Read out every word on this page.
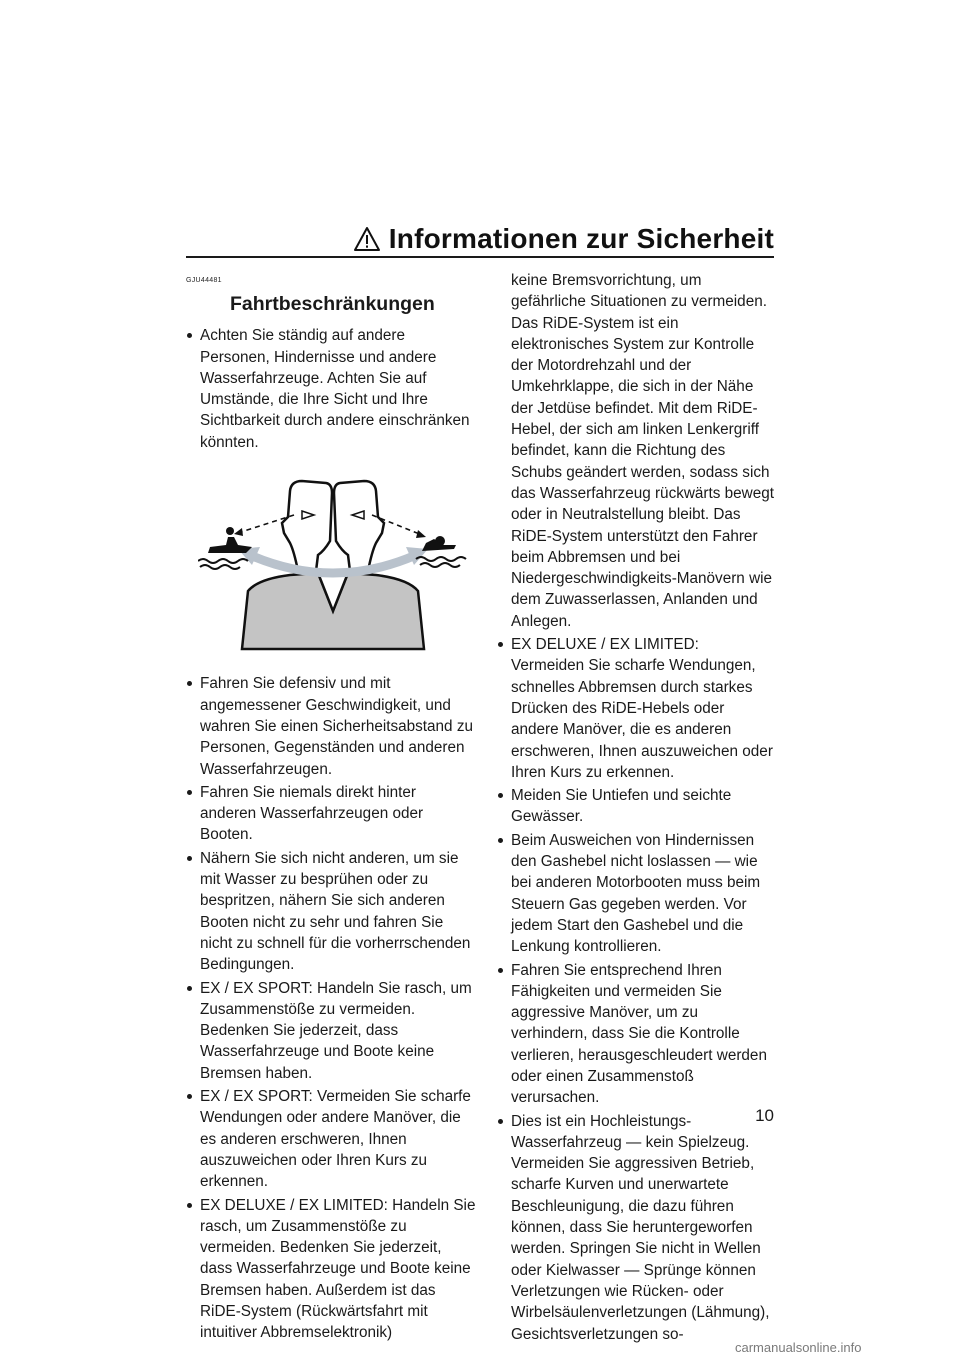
Informationen zur Sicherheit
GJU44481
Fahrtbeschränkungen
Achten Sie ständig auf andere Personen, Hindernisse und andere Wasserfahrzeuge. Achten Sie auf Umstände, die Ihre Sicht und Ihre Sichtbarkeit durch andere einschränken könnten.
Fahren Sie defensiv und mit angemessener Geschwindigkeit, und wahren Sie einen Sicherheitsabstand zu Personen, Gegenständen und anderen Wasserfahrzeugen.
Fahren Sie niemals direkt hinter anderen Wasserfahrzeugen oder Booten.
Nähern Sie sich nicht anderen, um sie mit Wasser zu besprühen oder zu bespritzen, nähern Sie sich anderen Booten nicht zu sehr und fahren Sie nicht zu schnell für die vorherrschenden Bedingungen.
EX / EX SPORT: Handeln Sie rasch, um Zusammenstöße zu vermeiden. Bedenken Sie jederzeit, dass Wasserfahrzeuge und Boote keine Bremsen haben.
EX / EX SPORT: Vermeiden Sie scharfe Wendungen oder andere Manöver, die es anderen erschweren, Ihnen auszuweichen oder Ihren Kurs zu erkennen.
EX DELUXE / EX LIMITED: Handeln Sie rasch, um Zusammenstöße zu vermeiden. Bedenken Sie jederzeit, dass Wasserfahrzeuge und Boote keine Bremsen haben. Außerdem ist das RiDE-System (Rückwärtsfahrt mit intuitiver Abbremselektronik)
keine Bremsvorrichtung, um gefährliche Situationen zu vermeiden. Das RiDE-System ist ein elektronisches System zur Kontrolle der Motordrehzahl und der Umkehrklappe, die sich in der Nähe der Jetdüse befindet. Mit dem RiDE-Hebel, der sich am linken Lenkergriff befindet, kann die Richtung des Schubs geändert werden, sodass sich das Wasserfahrzeug rückwärts bewegt oder in Neutralstellung bleibt. Das RiDE-System unterstützt den Fahrer beim Abbremsen und bei Niedergeschwindigkeits-Manövern wie dem Zuwasserlassen, Anlanden und Anlegen.
EX DELUXE / EX LIMITED: Vermeiden Sie scharfe Wendungen, schnelles Abbremsen durch starkes Drücken des RiDE-Hebels oder andere Manöver, die es anderen erschweren, Ihnen auszuweichen oder Ihren Kurs zu erkennen.
Meiden Sie Untiefen und seichte Gewässer.
Beim Ausweichen von Hindernissen den Gashebel nicht loslassen — wie bei anderen Motorbooten muss beim Steuern Gas gegeben werden. Vor jedem Start den Gashebel und die Lenkung kontrollieren.
Fahren Sie entsprechend Ihren Fähigkeiten und vermeiden Sie aggressive Manöver, um zu verhindern, dass Sie die Kontrolle verlieren, herausgeschleudert werden oder einen Zusammenstoß verursachen.
Dies ist ein Hochleistungs-Wasserfahrzeug — kein Spielzeug. Vermeiden Sie aggressiven Betrieb, scharfe Kurven und unerwartete Beschleunigung, die dazu führen können, dass Sie heruntergeworfen werden. Springen Sie nicht in Wellen oder Kielwasser — Sprünge können Verletzungen wie Rücken- oder Wirbelsäulenverletzungen (Lähmung), Gesichtsverletzungen so-
10
carmanualsonline.info
